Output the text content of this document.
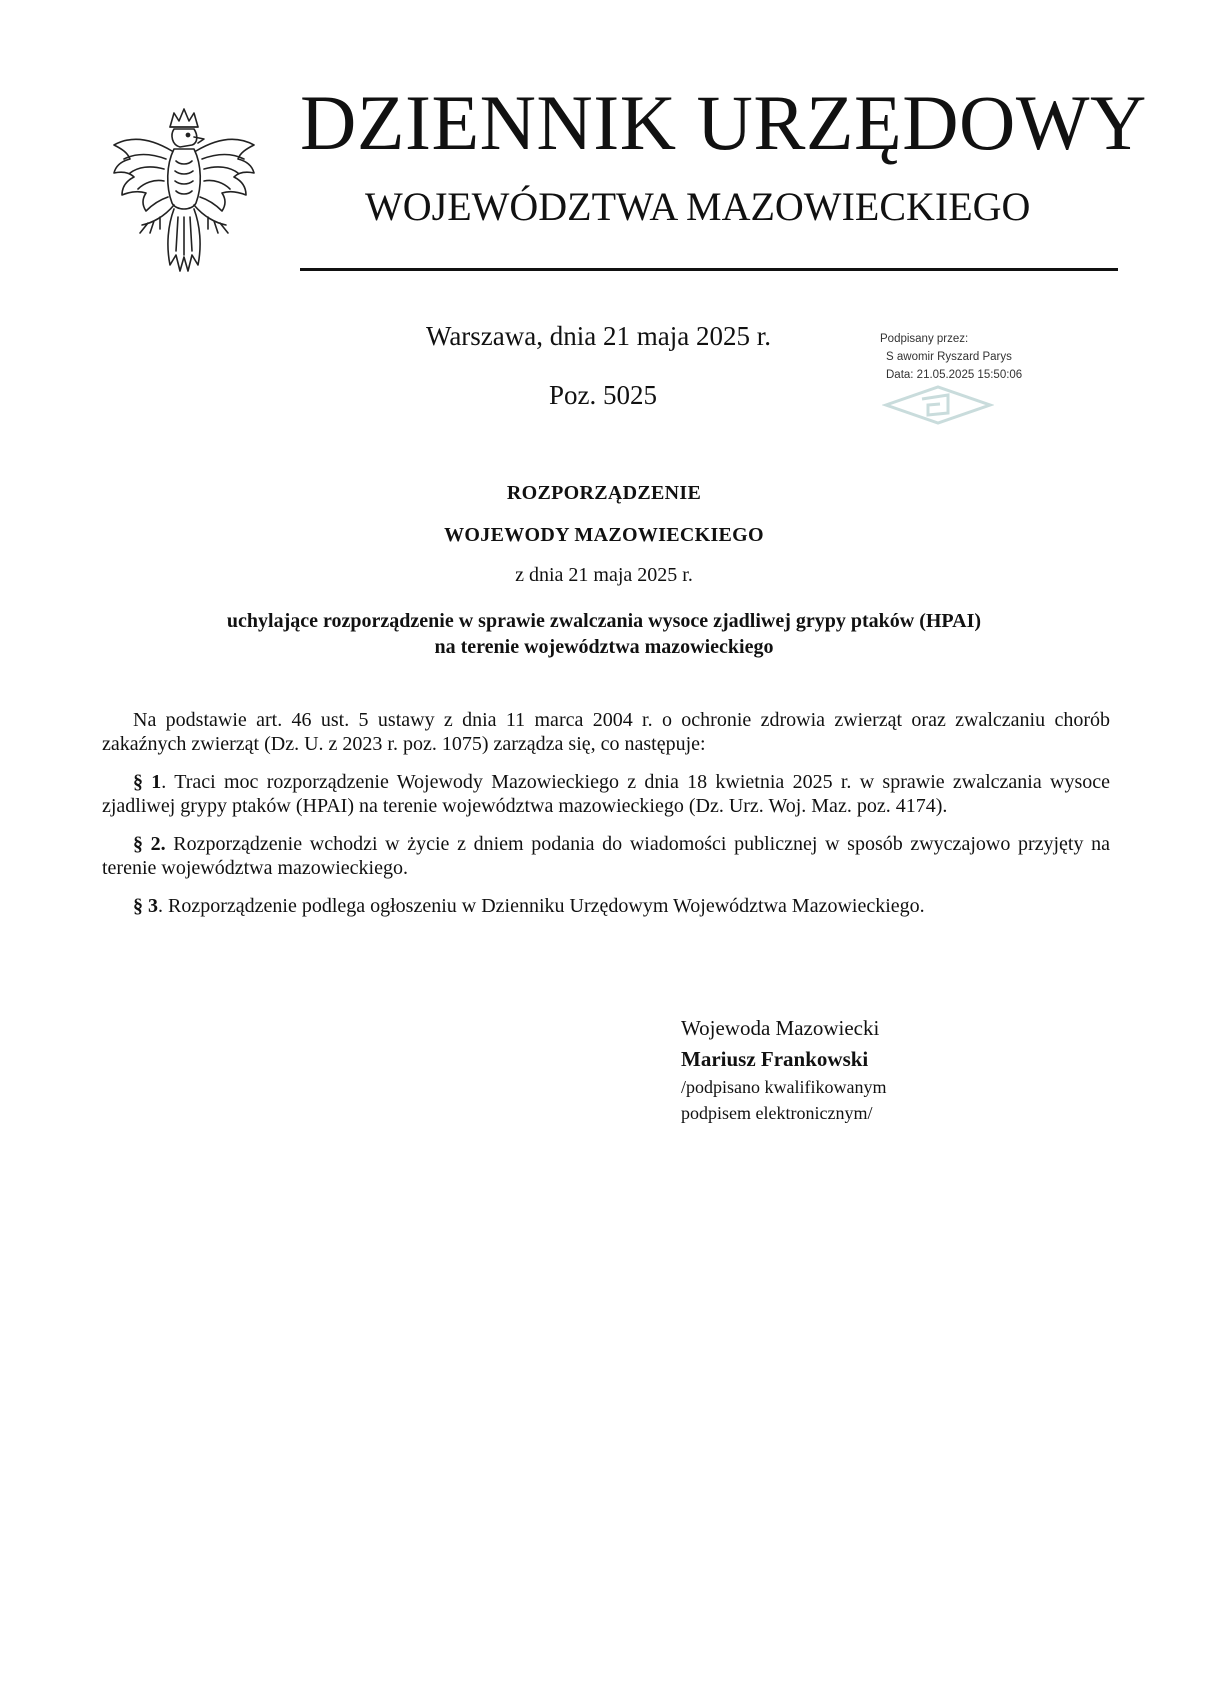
DZIENNIK URZĘDOWY
WOJEWÓDZTWA MAZOWIECKIEGO
Warszawa, dnia 21 maja 2025 r.
Poz. 5025
Podpisany przez:
S awomir Ryszard Parys
Data: 21.05.2025 15:50:06
ROZPORZĄDZENIE
WOJEWODY MAZOWIECKIEGO
z dnia 21 maja 2025 r.
uchylające rozporządzenie w sprawie zwalczania wysoce zjadliwej grypy ptaków (HPAI)
na terenie województwa mazowieckiego

Na podstawie art. 46 ust. 5 ustawy z dnia 11 marca 2004 r. o ochronie zdrowia zwierząt oraz zwalczaniu chorób zakaźnych zwierząt (Dz. U. z 2023 r. poz. 1075) zarządza się, co następuje:

§ 1. Traci moc rozporządzenie Wojewody Mazowieckiego z dnia 18 kwietnia 2025 r. w sprawie zwalczania wysoce zjadliwej grypy ptaków (HPAI) na terenie województwa mazowieckiego (Dz. Urz. Woj. Maz. poz. 4174).

§ 2. Rozporządzenie wchodzi w życie z dniem podania do wiadomości publicznej w sposób zwyczajowo przyjęty na terenie województwa mazowieckiego.

§ 3. Rozporządzenie podlega ogłoszeniu w Dzienniku Urzędowym Województwa Mazowieckiego.

Wojewoda Mazowiecki
Mariusz Frankowski
/podpisano kwalifikowanym
podpisem elektronicznym/
